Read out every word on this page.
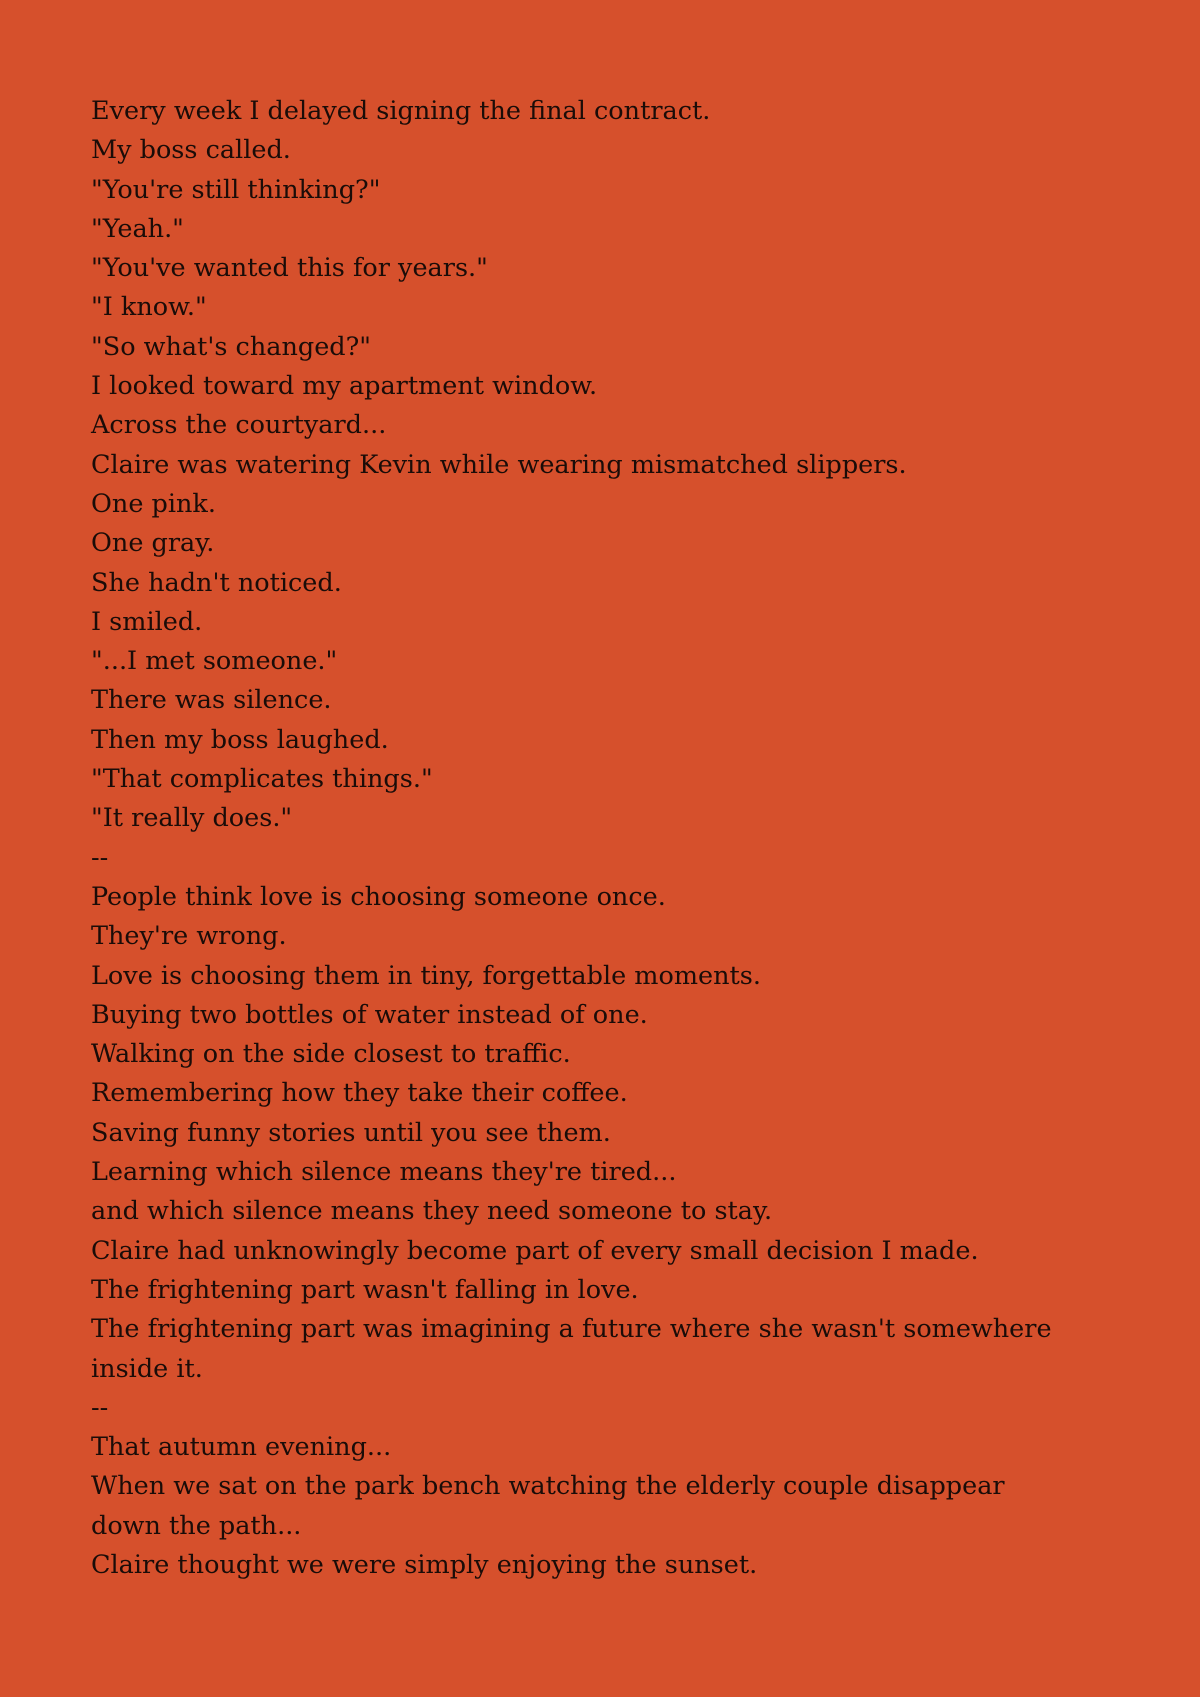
Every week I delayed signing the final contract.
My boss called.
"You're still thinking?"
"Yeah."
"You've wanted this for years."
"I know."
"So what's changed?"
I looked toward my apartment window.
Across the courtyard...
Claire was watering Kevin while wearing mismatched slippers.
One pink.
One gray.
She hadn't noticed.
I smiled.
"...I met someone."
There was silence.
Then my boss laughed.
"That complicates things."
"It really does."
--
People think love is choosing someone once.
They're wrong.
Love is choosing them in tiny, forgettable moments.
Buying two bottles of water instead of one.
Walking on the side closest to traffic.
Remembering how they take their coffee.
Saving funny stories until you see them.
Learning which silence means they're tired...
and which silence means they need someone to stay.
Claire had unknowingly become part of every small decision I made.
The frightening part wasn't falling in love.
The frightening part was imagining a future where she wasn't somewhere
inside it.
--
That autumn evening...
When we sat on the park bench watching the elderly couple disappear
down the path...
Claire thought we were simply enjoying the sunset.
